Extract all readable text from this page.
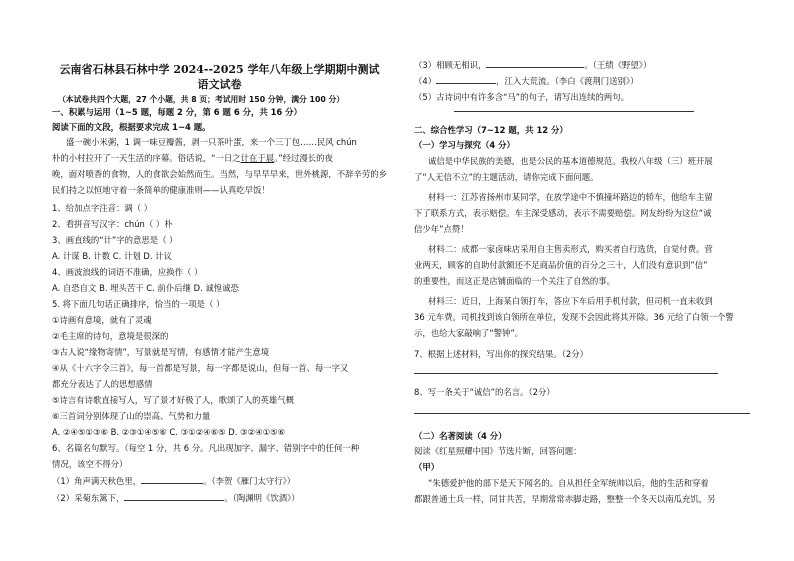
云南省石林县石林中学 2024--2025 学年八年级上学期期中测试
语文试卷
（本试卷共四个大题，27 个小题，共 8 页；考试用时 150 分钟，满分 100 分）
一、积累与运用（1~5 题，每题 2 分，第 6 题 6 分，共 16 分）
阅读下面的文段，根据要求完成 1~4 题。
盛一碗小米粥，1 调一味豆瓣酱，剥一只茶叶蛋，来一个三丁包……民风 chún
朴的小村拉开了一天生活的序幕。俗话说，“一日之计在于晨。”经过漫长的夜
晚，面对喷香的食物，人的食欲会始然而生。当然，与早早早来，世外桃源，不辞辛劳的乡
民们持之以恒地守着一条简单的健康准则——认真吃早饭！
1、给加点字注音：调（ ）
2、看拼音写汉字：chún（ ）朴
3、画直线的“计”字的意思是（ ）
A. 计谋 B. 计数 C. 计划 D. 计议
4、画波浪线的词语不准确，应换作（ ）
A. 自恐自文 B. 埋头苦干 C. 前仆后继 D. 诚惶诚恐
5. 将下面几句话正确排序，恰当的一项是（ ）
①诗画有意境，就有了灵魂
②毛主席的诗句，意境是很深的
③古人说“缘物寄情”，写景就是写情，有感情才能产生意境
④从《十六字令三首》，每一首都是写景，每一字都是说山，但每一首、每一字又
都充分表达了人的思想感情
⑤诗言有诗歌直接写人，写了景才好极了人，歌颂了人的英雄气概
⑥三首词分别体现了山的崇高、气势和力量
A. ②④⑤①③⑥ B. ②③①④⑤⑥ C. ③①②④⑥⑤ D. ③②④①⑤⑥
6、名篇名句默写。（每空 1 分，共 6 分。凡出现加字、漏字、错别字中的任何一种
情况，该空不得分）
（1）角声满天秋色里，	。（李贺《雁门太守行》）
（2）采菊东篱下，	。（陶渊明《饮酒》）
（3）相顾无相识，	。（王绩《野望》）
（4）	，江入大荒流。（李白《渡荆门送别》）
（5）古诗词中有许多含“马”的句子，请写出连续的两句。
二、综合性学习（7~12 题，共 12 分）
（一）学习与探究（4 分）
诚信是中华民族的美德，也是公民的基本道德规范。我校八年级（三）班开展
了“人无信不立”的主题活动，请你完成下面问题。
材料一：江苏省扬州市某同学，在放学途中不慎撞坏路边的轿车，他给车主留
下了联系方式，表示赔偿。车主深受感动，表示不需要赔偿。网友纷纷为这位“诚
信少年”点赞！
材料二：成都一家卤味店采用自主售卖形式，购买者自行选货，自觉付费。营
业两天，顾客的自助付款额还不足商品价值的百分之三十，人们没有意识到”信”
的重要性，而这正是店铺面临的一个关注了自然的事。
材料三：近日，上海某白领打车，答应下车后用手机付款，但司机一直未收到
36 元车费。司机找到该白领所在单位，发现不会因此将其开除。36 元给了白领一个警
示，也给大家敲响了“警钟”。
7、根据上述材料，写出你的探究结果。（2分）
8、写一条关于“诚信”的名言。（2分）
（二）名著阅读（4 分）
阅读《红星照耀中国》节选片断，回答问题：
（甲）
“朱德爱护他的部下是天下闻名的。自从担任全军统帅以后，他的生活和穿着
都跟普通士兵一样，同甘共苦，早期常常赤脚走路，整整一个冬天以南瓜充饥，另
